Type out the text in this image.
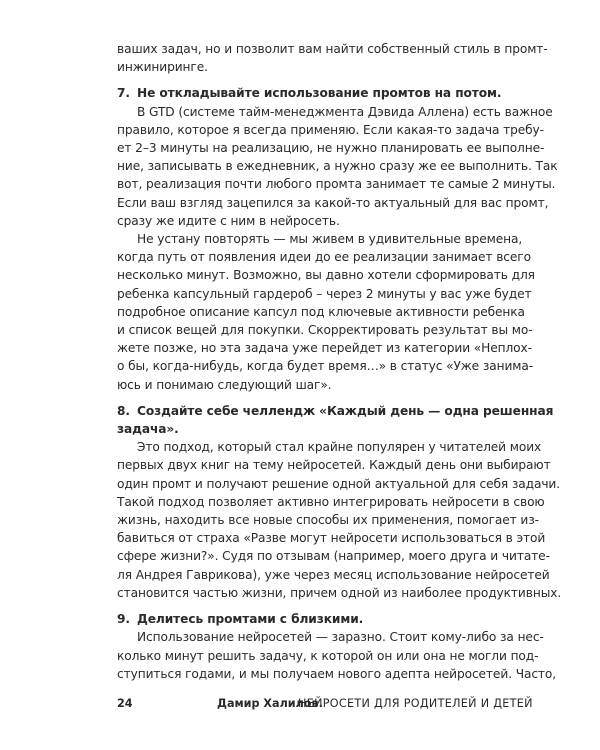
ваших задач, но и позволит вам найти собственный стиль в промт-
инжиниринге.
7. Не откладывайте использование промтов на потом.
В GTD (системе тайм-менеджмента Дэвида Аллена) есть важное
правило, которое я всегда применяю. Если какая-то задача требу-
ет 2–3 минуты на реализацию, не нужно планировать ее выполне-
ние, записывать в ежедневник, а нужно сразу же ее выполнить. Так
вот, реализация почти любого промта занимает те самые 2 минуты.
Если ваш взгляд зацепился за какой-то актуальный для вас промт,
сразу же идите с ним в нейросеть.
Не устану повторять — мы живем в удивительные времена,
когда путь от появления идеи до ее реализации занимает всего
несколько минут. Возможно, вы давно хотели сформировать для
ребенка капсульный гардероб – через 2 минуты у вас уже будет
подробное описание капсул под ключевые активности ребенка
и список вещей для покупки. Скорректировать результат вы мо-
жете позже, но эта задача уже перейдет из категории «Неплох-
о бы, когда-нибудь, когда будет время…» в статус «Уже занима-
юсь и понимаю следующий шаг».
8. Создайте себе челлендж «Каждый день — одна решенная
задача».
Это подход, который стал крайне популярен у читателей моих
первых двух книг на тему нейросетей. Каждый день они выбирают
один промт и получают решение одной актуальной для себя задачи.
Такой подход позволяет активно интегрировать нейросети в свою
жизнь, находить все новые способы их применения, помогает из-
бавиться от страха «Разве могут нейросети использоваться в этой
сфере жизни?». Судя по отзывам (например, моего друга и читате-
ля Андрея Гаврикова), уже через месяц использование нейросетей
становится частью жизни, причем одной из наиболее продуктивных.
9. Делитесь промтами с близкими.
Использование нейросетей — заразно. Стоит кому-либо за нес-
колько минут решить задачу, к которой он или она не могли под-
ступиться годами, и мы получаем нового адепта нейросетей. Часто,
24	Дамир Халилов.
НЕЙРОСЕТИ ДЛЯ РОДИТЕЛЕЙ И ДЕТЕЙ
